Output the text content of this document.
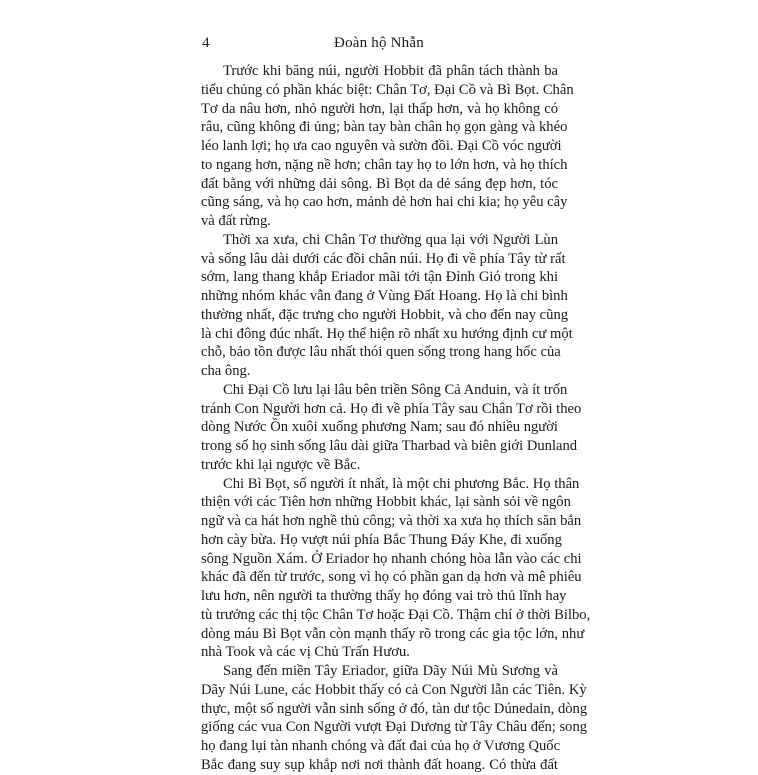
4	Đoàn hộ Nhẫn
Trước khi băng núi, người Hobbit đã phân tách thành ba
tiểu chủng có phần khác biệt: Chân Tơ, Đại Cồ và Bì Bọt. Chân
Tơ da nâu hơn, nhỏ người hơn, lại thấp hơn, và họ không có
râu, cũng không đi ủng; bàn tay bàn chân họ gọn gàng và khéo
léo lanh lợi; họ ưa cao nguyên và sườn đồi. Đại Cồ vóc người
to ngang hơn, nặng nề hơn; chân tay họ to lớn hơn, và họ thích
đất bằng với những dải sông. Bì Bọt da dẻ sáng đẹp hơn, tóc
cũng sáng, và họ cao hơn, mảnh dẻ hơn hai chi kia; họ yêu cây
và đất rừng.
Thời xa xưa, chi Chân Tơ thường qua lại với Người Lùn
và sống lâu dài dưới các đồi chân núi. Họ đi về phía Tây từ rất
sớm, lang thang khắp Eriador mãi tới tận Đỉnh Gió trong khi
những nhóm khác vẫn đang ở Vùng Đất Hoang. Họ là chi bình
thường nhất, đặc trưng cho người Hobbit, và cho đến nay cũng
là chi đông đúc nhất. Họ thể hiện rõ nhất xu hướng định cư một
chỗ, bảo tồn được lâu nhất thói quen sống trong hang hốc của
cha ông.
Chi Đại Cồ lưu lại lâu bên triền Sông Cả Anduin, và ít trốn
tránh Con Người hơn cả. Họ đi về phía Tây sau Chân Tơ rồi theo
dòng Nước Ồn xuôi xuống phương Nam; sau đó nhiều người
trong số họ sinh sống lâu dài giữa Tharbad và biên giới Dunland
trước khi lại ngược về Bắc.
Chi Bì Bọt, số người ít nhất, là một chi phương Bắc. Họ thân
thiện với các Tiên hơn những Hobbit khác, lại sành sỏi về ngôn
ngữ và ca hát hơn nghề thủ công; và thời xa xưa họ thích săn bắn
hơn cày bừa. Họ vượt núi phía Bắc Thung Đáy Khe, đi xuống
sông Nguồn Xám. Ở Eriador họ nhanh chóng hòa lẫn vào các chi
khác đã đến từ trước, song vì họ có phần gan dạ hơn và mê phiêu
lưu hơn, nên người ta thường thấy họ đóng vai trò thủ lĩnh hay
tù trưởng các thị tộc Chân Tơ hoặc Đại Cồ. Thậm chí ở thời Bilbo,
dòng máu Bì Bọt vẫn còn mạnh thấy rõ trong các gia tộc lớn, như
nhà Took và các vị Chủ Trấn Hươu.
Sang đến miền Tây Eriador, giữa Dãy Núi Mù Sương và
Dãy Núi Lune, các Hobbit thấy có cả Con Người lẫn các Tiên. Kỳ
thực, một số người vẫn sinh sống ở đó, tàn dư tộc Dúnedain, dòng
giống các vua Con Người vượt Đại Dương từ Tây Châu đến; song
họ đang lụi tàn nhanh chóng và đất đai của họ ở Vương Quốc
Bắc đang suy sụp khắp nơi nơi thành đất hoang. Có thừa đất
